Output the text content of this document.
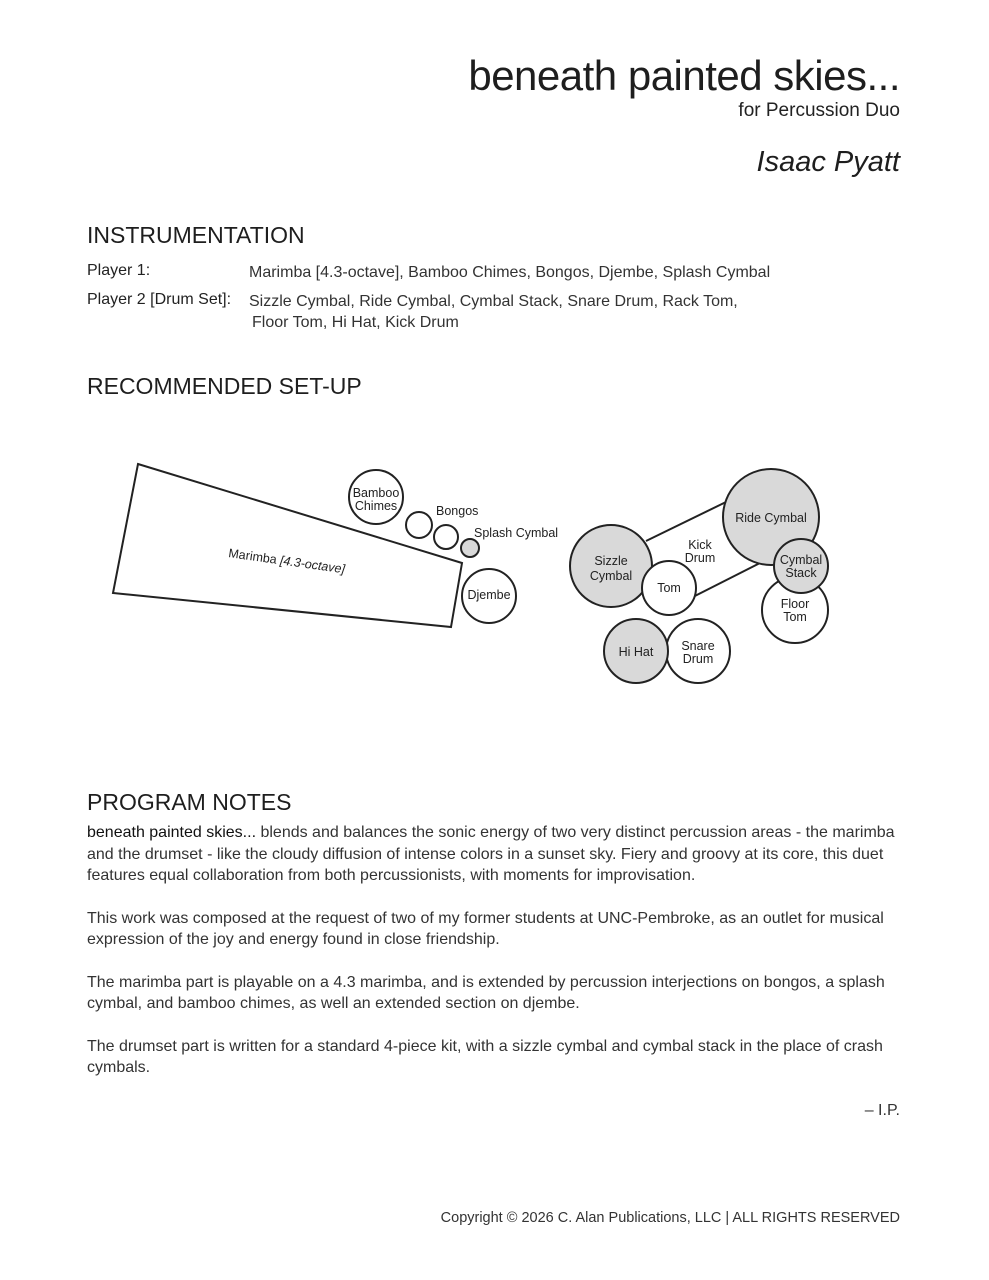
beneath painted skies...
for Percussion Duo
Isaac Pyatt
INSTRUMENTATION
Player 1:	Marimba [4.3-octave], Bamboo Chimes, Bongos, Djembe, Splash Cymbal
Player 2 [Drum Set]: Sizzle Cymbal, Ride Cymbal, Cymbal Stack, Snare Drum, Rack Tom,
Floor Tom, Hi Hat, Kick Drum
RECOMMENDED SET-UP
Marimba [4.3-octave]
Bamboo
Chimes	Bongos
Splash Cymbal
Djembe
Sizzle
Cymbal
Ride Cymbal
Kick
Drum
Tom
Cymbal
Stack
Floor
Tom
Hi Hat Snare
Drum
PROGRAM NOTES

beneath painted skies... blends and balances the sonic energy of two very distinct percussion areas - the marimba and the drumset - like the cloudy diffusion of intense colors in a sunset sky. Fiery and groovy at its core, this duet features equal collaboration from both percussionists, with moments for improvisation.

This work was composed at the request of two of my former students at UNC-Pembroke, as an outlet for musical expression of the joy and energy found in close friendship.

The marimba part is playable on a 4.3 marimba, and is extended by percussion interjections on bongos, a splash cymbal, and bamboo chimes, as well an extended section on djembe.

The drumset part is written for a standard 4-piece kit, with a sizzle cymbal and cymbal stack in the place of crash cymbals.

– I.P.
Copyright © 2026 C. Alan Publications, LLC | ALL RIGHTS RESERVED
